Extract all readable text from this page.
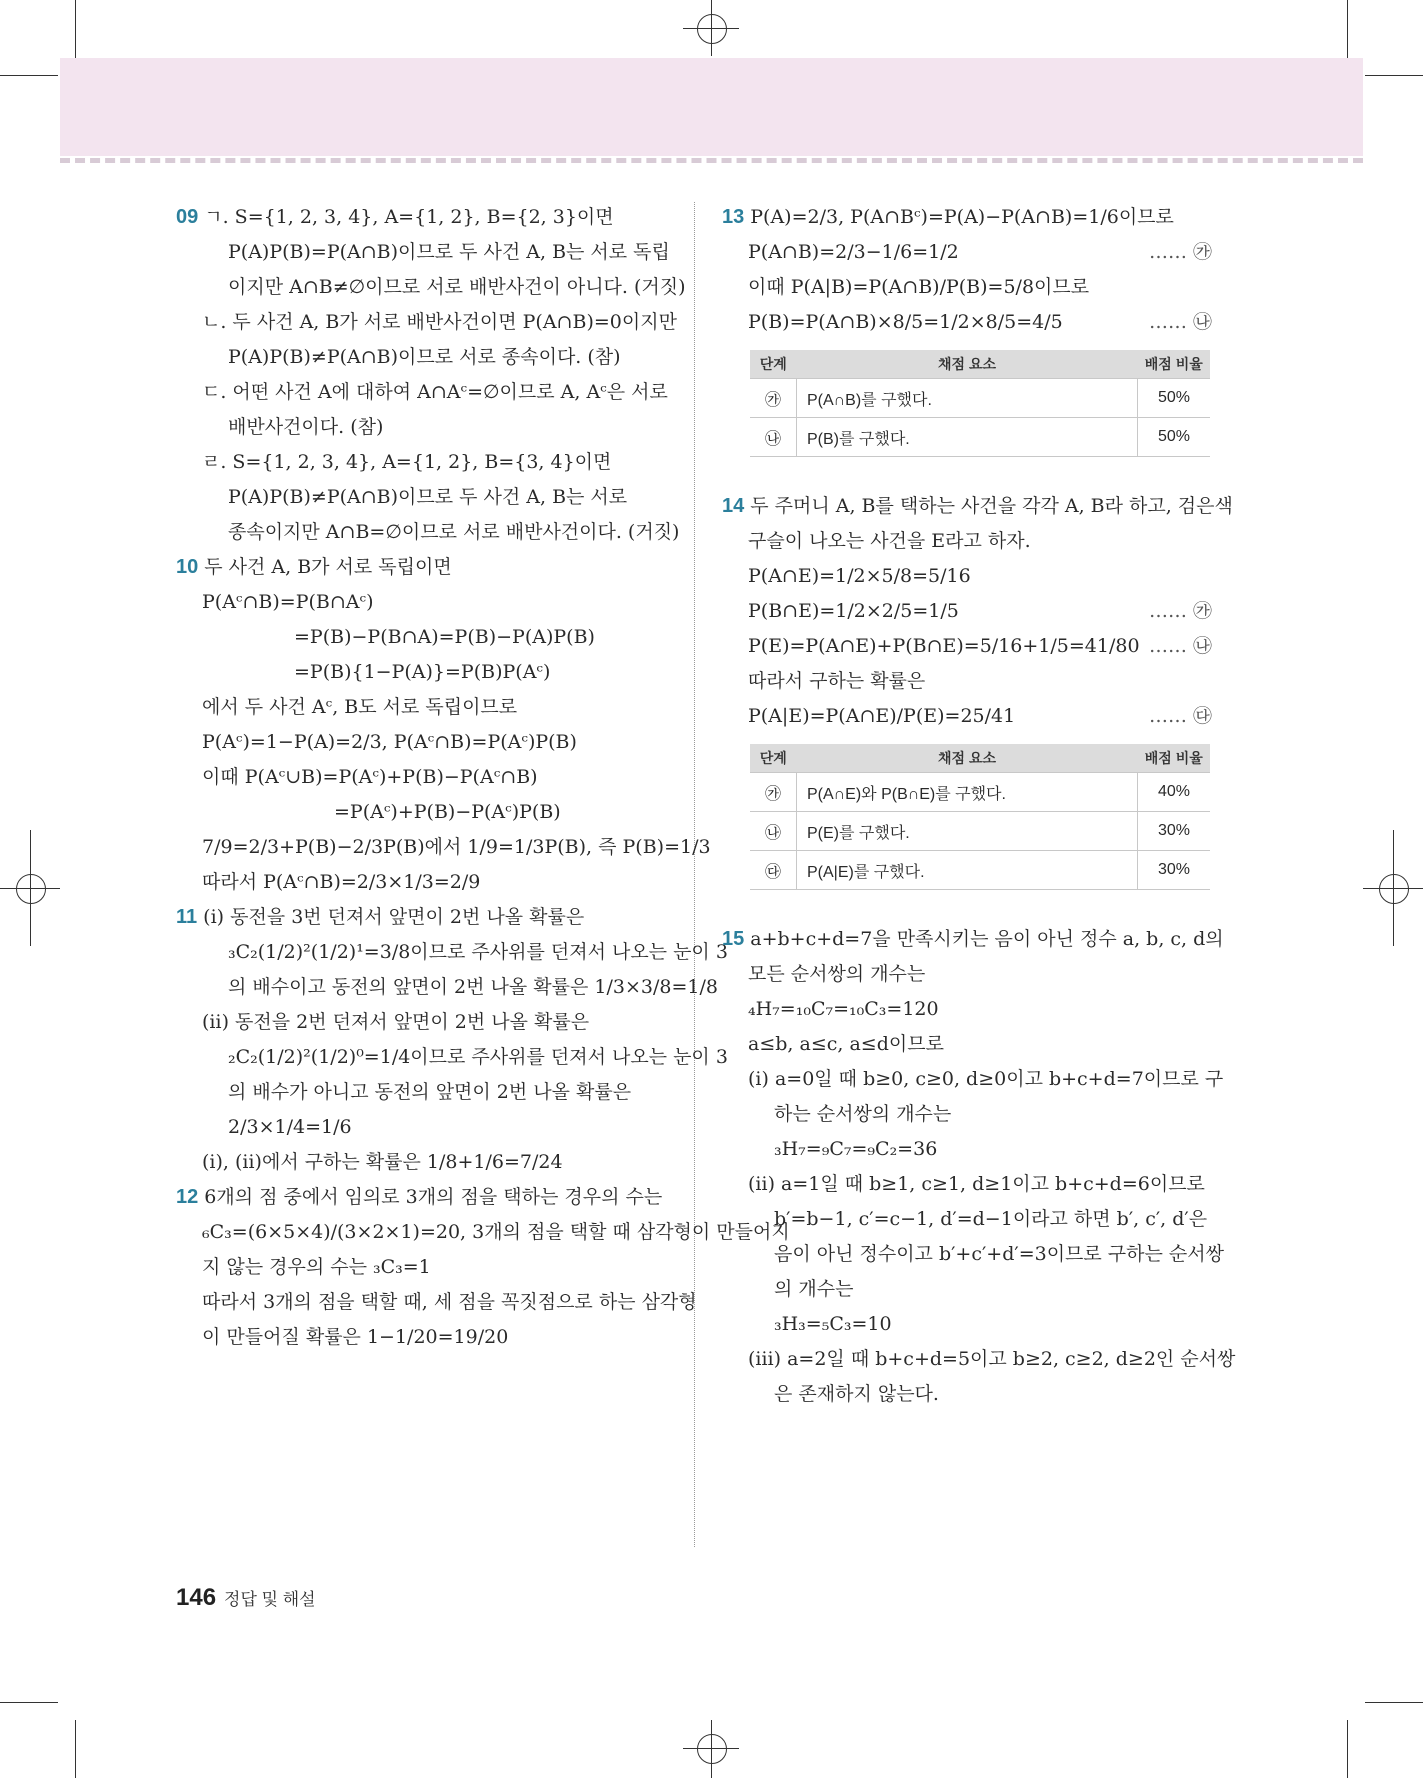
09 ㄱ. S={1, 2, 3, 4}, A={1, 2}, B={2, 3}이면
P(A)P(B)=P(A∩B)이므로 두 사건 A, B는 서로 독립
이지만 A∩B≠∅이므로 서로 배반사건이 아니다. (거짓)
ㄴ. 두 사건 A, B가 서로 배반사건이면 P(A∩B)=0이지만
P(A)P(B)≠P(A∩B)이므로 서로 종속이다. (참)
ㄷ. 어떤 사건 A에 대하여 A∩Aᶜ=∅이므로 A, Aᶜ은 서로
배반사건이다. (참)
ㄹ. S={1, 2, 3, 4}, A={1, 2}, B={3, 4}이면
P(A)P(B)≠P(A∩B)이므로 두 사건 A, B는 서로
종속이지만 A∩B=∅이므로 서로 배반사건이다. (거짓)
10 두 사건 A, B가 서로 독립이면
P(Aᶜ∩B)=P(B∩Aᶜ)
=P(B)−P(B∩A)=P(B)−P(A)P(B)
=P(B){1−P(A)}=P(B)P(Aᶜ)
에서 두 사건 Aᶜ, B도 서로 독립이므로
P(Aᶜ)=1−P(A)=2/3, P(Aᶜ∩B)=P(Aᶜ)P(B)
이때 P(Aᶜ∪B)=P(Aᶜ)+P(B)−P(Aᶜ∩B)
=P(Aᶜ)+P(B)−P(Aᶜ)P(B)
7/9=2/3+P(B)−2/3P(B)에서 1/9=1/3P(B), 즉 P(B)=1/3
따라서 P(Aᶜ∩B)=2/3×1/3=2/9
11 (ⅰ) 동전을 3번 던져서 앞면이 2번 나올 확률은
₃C₂(1/2)²(1/2)¹=3/8이므로 주사위를 던져서 나오는 눈이 3
의 배수이고 동전의 앞면이 2번 나올 확률은 1/3×3/8=1/8
(ⅱ) 동전을 2번 던져서 앞면이 2번 나올 확률은
₂C₂(1/2)²(1/2)⁰=1/4이므로 주사위를 던져서 나오는 눈이 3
의 배수가 아니고 동전의 앞면이 2번 나올 확률은
2/3×1/4=1/6
(ⅰ), (ⅱ)에서 구하는 확률은 1/8+1/6=7/24
12 6개의 점 중에서 임의로 3개의 점을 택하는 경우의 수는
₆C₃=(6×5×4)/(3×2×1)=20, 3개의 점을 택할 때 삼각형이 만들어지
지 않는 경우의 수는 ₃C₃=1
따라서 3개의 점을 택할 때, 세 점을 꼭짓점으로 하는 삼각형
이 만들어질 확률은 1−1/20=19/20
13 P(A)=2/3, P(A∩Bᶜ)=P(A)−P(A∩B)=1/6이므로
P(A∩B)=2/3−1/6=1/2	…… ㉮
이때 P(A|B)=P(A∩B)/P(B)=5/8이므로
P(B)=P(A∩B)×8/5=1/2×8/5=4/5	…… ㉯
단계	채점 요소	배점 비율
㉮	P(A∩B)를 구했다.	50%
㉯	P(B)를 구했다.	50%
14 두 주머니 A, B를 택하는 사건을 각각 A, B라 하고, 검은색
구슬이 나오는 사건을 E라고 하자.
P(A∩E)=1/2×5/8=5/16
P(B∩E)=1/2×2/5=1/5	…… ㉮
P(E)=P(A∩E)+P(B∩E)=5/16+1/5=41/80 …… ㉯
따라서 구하는 확률은
P(A|E)=P(A∩E)/P(E)=25/41	…… ㉰
단계	채점 요소	배점 비율
㉮	P(A∩E)와 P(B∩E)를 구했다.	40%
㉯	P(E)를 구했다.	30%
㉰	P(A|E)를 구했다.	30%
15 a+b+c+d=7을 만족시키는 음이 아닌 정수 a, b, c, d의
모든 순서쌍의 개수는
₄H₇=₁₀C₇=₁₀C₃=120
a≤b, a≤c, a≤d이므로
(ⅰ) a=0일 때 b≥0, c≥0, d≥0이고 b+c+d=7이므로 구
하는 순서쌍의 개수는
₃H₇=₉C₇=₉C₂=36
(ⅱ) a=1일 때 b≥1, c≥1, d≥1이고 b+c+d=6이므로
b′=b−1, c′=c−1, d′=d−1이라고 하면 b′, c′, d′은
음이 아닌 정수이고 b′+c′+d′=3이므로 구하는 순서쌍
의 개수는
₃H₃=₅C₃=10
(ⅲ) a=2일 때 b+c+d=5이고 b≥2, c≥2, d≥2인 순서쌍
은 존재하지 않는다.
146 정답 및 해설
